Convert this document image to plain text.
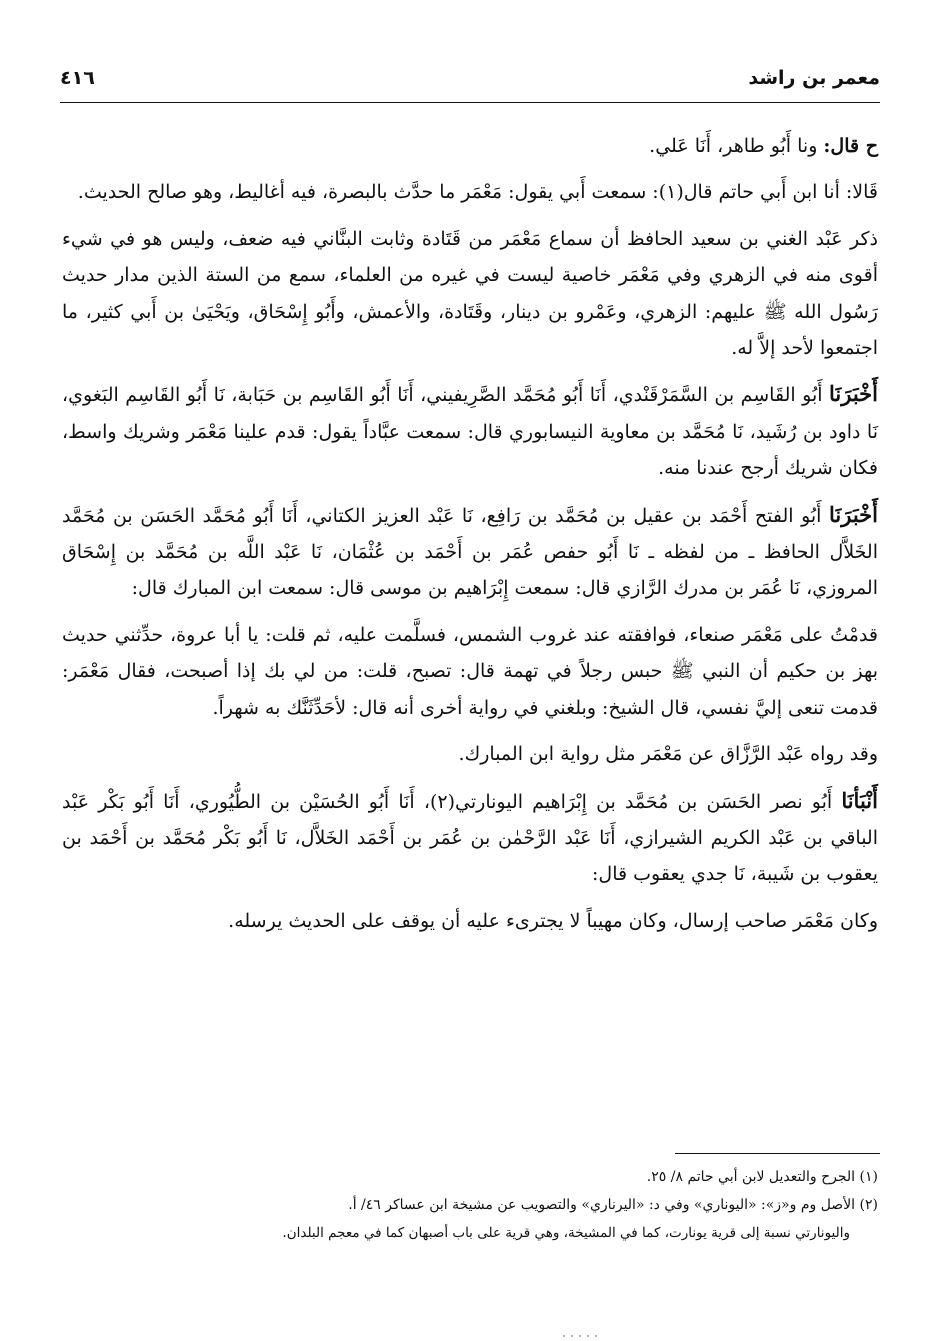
معمر بن راشد
٤١٦

ح قال: ونا أَبُو طاهر، أَنَا عَلي.

قَالا: أنا ابن أَبي حاتم قال(١): سمعت أَبي يقول: مَعْمَر ما حدَّث بالبصرة، فيه أغاليط، وهو صالح الحديث.

ذكر عَبْد الغني بن سعيد الحافظ أن سماع مَعْمَر من قَتَادة وثابت البنَّاني فيه ضعف، وليس هو في شيء أقوى منه في الزهري وفي مَعْمَر خاصية ليست في غيره من العلماء، سمع من الستة الذين مدار حديث رَسُول الله ﷺ عليهم: الزهري، وعَمْرو بن دينار، وقَتَادة، والأعمش، وأَبُو إِسْحَاق، ويَحْيَىٰ بن أَبي كثير، ما اجتمعوا لأحد إلاَّ له.

أَخْبَرَنَا أَبُو القَاسِم بن السَّمَرْقَنْدي، أَنَا أَبُو مُحَمَّد الصَّرِيفيني، أَنَا أَبُو القَاسِم بن حَبَابة، نَا أَبُو القَاسِم البَغوي، نَا داود بن رُشَيد، نَا مُحَمَّد بن معاوية النيسابوري قال: سمعت عبَّاداً يقول: قدم علينا مَعْمَر وشريك واسط، فكان شريك أرجح عندنا منه.

أَخْبَرَنَا أَبُو الفتح أَحْمَد بن عقيل بن مُحَمَّد بن رَافِع، نَا عَبْد العزيز الكتاني، أَنَا أَبُو مُحَمَّد الحَسَن بن مُحَمَّد الخَلاَّل الحافظ ـ من لفظه ـ نَا أَبُو حفص عُمَر بن أَحْمَد بن عُثْمَان، نَا عَبْد اللَّه بن مُحَمَّد بن إِسْحَاق المروزي، نَا عُمَر بن مدرك الرَّازي قال: سمعت إِبْرَاهيم بن موسى قال: سمعت ابن المبارك قال:

قدمْتُ على مَعْمَر صنعاء، فوافقته عند غروب الشمس، فسلَّمت عليه، ثم قلت: يا أبا عروة، حدِّثني حديث بهز بن حكيم أن النبي ﷺ حبس رجلاً في تهمة قال: تصبح، قلت: من لي بك إذا أصبحت، فقال مَعْمَر: قدمت تنعى إليَّ نفسي، قال الشيخ: وبلغني في رواية أخرى أنه قال: لأحَدِّثَنَّك به شهراً.

وقد رواه عَبْد الرَّزَّاق عن مَعْمَر مثل رواية ابن المبارك.

أَنْبَأنَا أَبُو نصر الحَسَن بن مُحَمَّد بن إِبْرَاهيم اليونارتي(٢)، أَنَا أَبُو الحُسَيْن بن الطُّيُوري، أَنَا أَبُو بَكْر عَبْد الباقي بن عَبْد الكريم الشيرازي، أَنَا عَبْد الرَّحْمٰن بن عُمَر بن أَحْمَد الخَلاَّل، نَا أَبُو بَكْر مُحَمَّد بن أَحْمَد بن يعقوب بن شَيبة، نَا جدي يعقوب قال:

وكان مَعْمَر صاحب إرسال، وكان مهيباً لا يجترىء عليه أن يوقف على الحديث يرسله.

(١) الجرح والتعديل لابن أبي حاتم ٨/ ٢٥.

(٢) الأصل وم و«ز»: «اليوناري» وفي د: «اليرناري» والتصويب عن مشيخة ابن عساكر ٤٦/ أ.

واليونارتي نسبة إلى قرية يونارت، كما في المشيخة، وهي قرية على باب أصبهان كما في معجم البلدان.
